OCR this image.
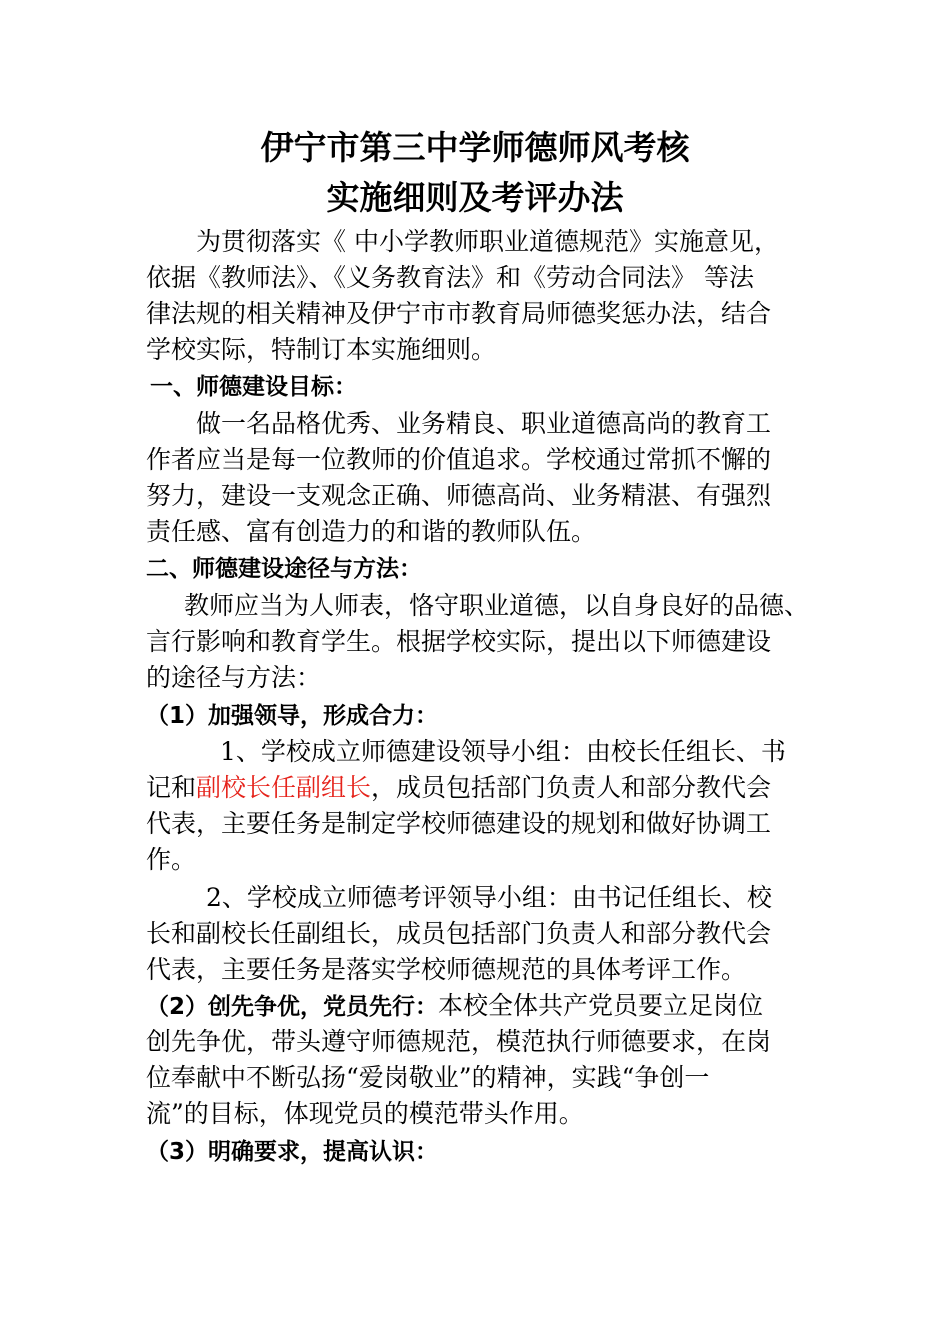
伊宁市第三中学师德师风考核
实施细则及考评办法
为贯彻落实《 中小学教师职业道德规范》实施意见，
依据《教师法》、《义务教育法》和《劳动合同法》 等法
律法规的相关精神及伊宁市市教育局师德奖惩办法，结合
学校实际，特制订本实施细则。
一、师德建设目标：
做一名品格优秀、业务精良、职业道德高尚的教育工
作者应当是每一位教师的价值追求。学校通过常抓不懈的
努力，建设一支观念正确、师德高尚、业务精湛、有强烈
责任感、富有创造力的和谐的教师队伍。
二、师德建设途径与方法：
教师应当为人师表，恪守职业道德，以自身良好的品德、
言行影响和教育学生。根据学校实际，提出以下师德建设
的途径与方法：
（1）加强领导，形成合力：
1、学校成立师德建设领导小组：由校长任组长、书
记和副校长任副组长，成员包括部门负责人和部分教代会
代表，主要任务是制定学校师德建设的规划和做好协调工
作。
2、学校成立师德考评领导小组：由书记任组长、校
长和副校长任副组长，成员包括部门负责人和部分教代会
代表，主要任务是落实学校师德规范的具体考评工作。
（2）创先争优，党员先行：本校全体共产党员要立足岗位
创先争优，带头遵守师德规范，模范执行师德要求，在岗
位奉献中不断弘扬“爱岗敬业”的精神，实践“争创一
流”的目标，体现党员的模范带头作用。
（3）明确要求，提高认识：
